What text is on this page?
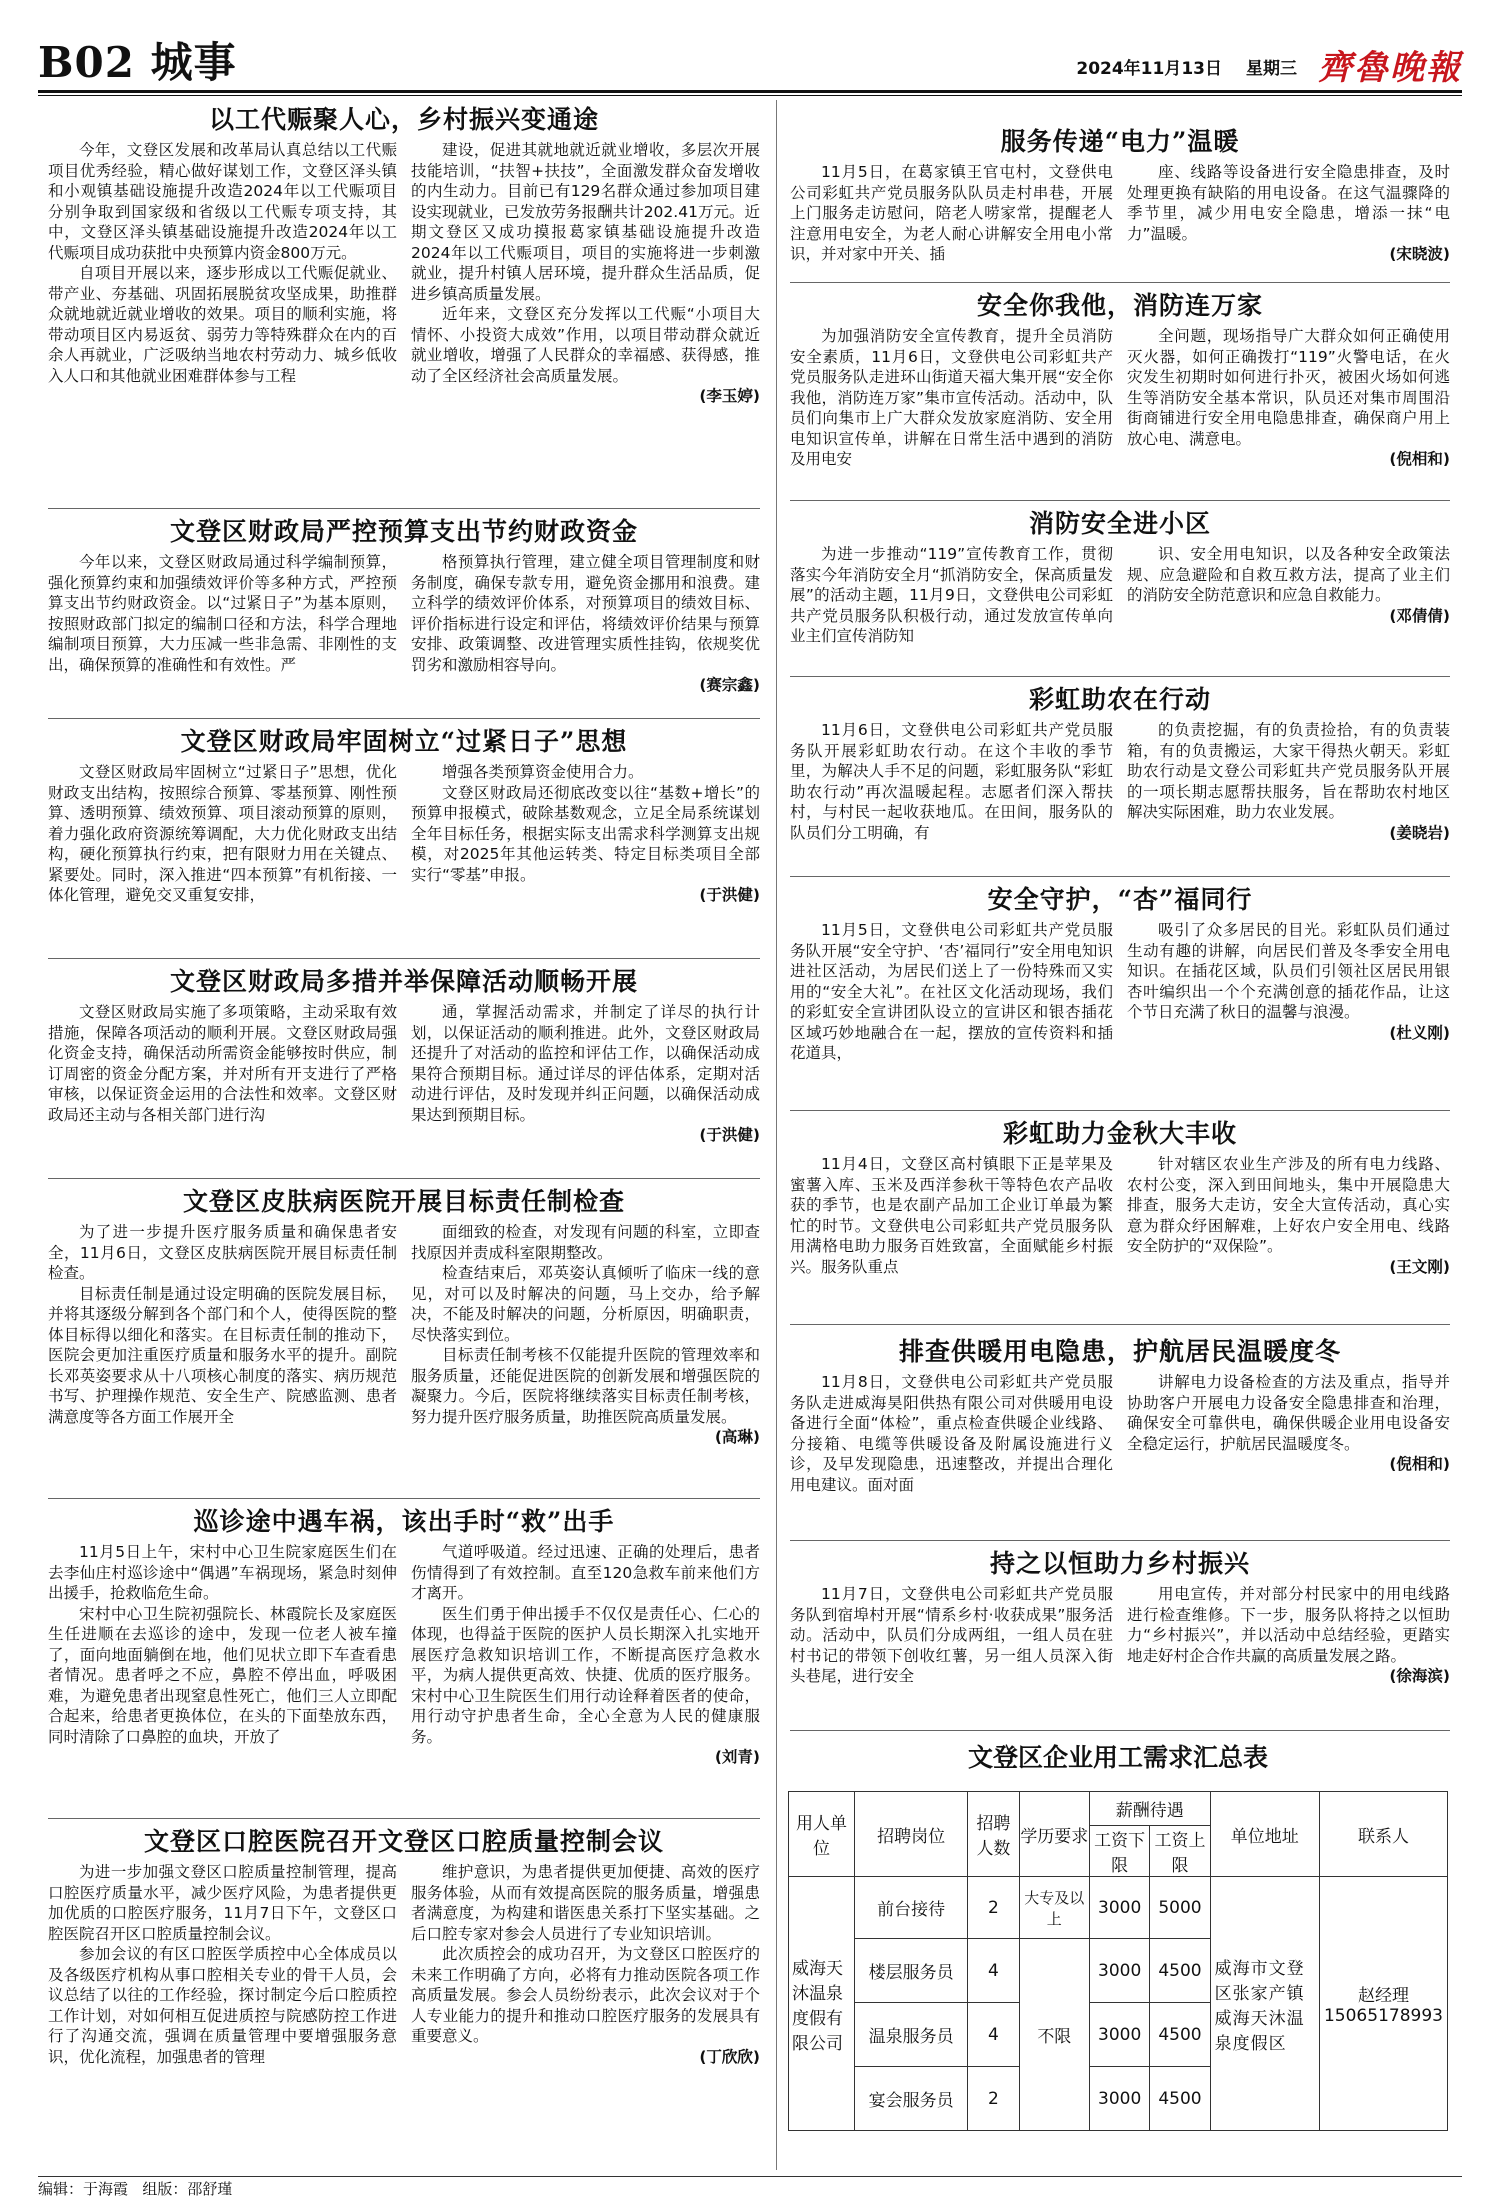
B02 城事	2024年11月13日 星期三 齊魯晚報
以工代赈聚人心，乡村振兴变通途

今年，文登区发展和改革局认真总结以工代赈项目优秀经验，精心做好谋划工作，文登区泽头镇和小观镇基础设施提升改造2024年以工代赈项目分别争取到国家级和省级以工代赈专项支持，其中，文登区泽头镇基础设施提升改造2024年以工代赈项目成功获批中央预算内资金800万元。

自项目开展以来，逐步形成以工代赈促就业、带产业、夯基础、巩固拓展脱贫攻坚成果，助推群众就地就近就业增收的效果。项目的顺利实施，将带动项目区内易返贫、弱劳力等特殊群众在内的百余人再就业，广泛吸纳当地农村劳动力、城乡低收入人口和其他就业困难群体参与工程

建设，促进其就地就近就业增收，多层次开展技能培训，“扶智+扶技”，全面激发群众奋发增收的内生动力。目前已有129名群众通过参加项目建设实现就业，已发放劳务报酬共计202.41万元。近期文登区又成功摸报葛家镇基础设施提升改造2024年以工代赈项目，项目的实施将进一步刺激就业，提升村镇人居环境，提升群众生活品质，促进乡镇高质量发展。

近年来，文登区充分发挥以工代赈“小项目大情怀、小投资大成效”作用，以项目带动群众就近就业增收，增强了人民群众的幸福感、获得感，推动了全区经济社会高质量发展。

(李玉婷)
文登区财政局严控预算支出节约财政资金

今年以来，文登区财政局通过科学编制预算，强化预算约束和加强绩效评价等多种方式，严控预算支出节约财政资金。以“过紧日子”为基本原则，按照财政部门拟定的编制口径和方法，科学合理地编制项目预算，大力压减一些非急需、非刚性的支出，确保预算的准确性和有效性。严

格预算执行管理，建立健全项目管理制度和财务制度，确保专款专用，避免资金挪用和浪费。建立科学的绩效评价体系，对预算项目的绩效目标、评价指标进行设定和评估，将绩效评价结果与预算安排、政策调整、改进管理实质性挂钩，依规奖优罚劣和激励相容导向。

(赛宗鑫)
文登区财政局牢固树立“过紧日子”思想

文登区财政局牢固树立“过紧日子”思想，优化财政支出结构，按照综合预算、零基预算、刚性预算、透明预算、绩效预算、项目滚动预算的原则，着力强化政府资源统筹调配，大力优化财政支出结构，硬化预算执行约束，把有限财力用在关键点、紧要处。同时，深入推进“四本预算”有机衔接、一体化管理，避免交叉重复安排，

增强各类预算资金使用合力。

文登区财政局还彻底改变以往“基数+增长”的预算申报模式，破除基数观念，立足全局系统谋划全年目标任务，根据实际支出需求科学测算支出规模，对2025年其他运转类、特定目标类项目全部实行“零基”申报。

(于洪健)
文登区财政局多措并举保障活动顺畅开展

文登区财政局实施了多项策略，主动采取有效措施，保障各项活动的顺利开展。文登区财政局强化资金支持，确保活动所需资金能够按时供应，制订周密的资金分配方案，并对所有开支进行了严格审核，以保证资金运用的合法性和效率。文登区财政局还主动与各相关部门进行沟

通，掌握活动需求，并制定了详尽的执行计划，以保证活动的顺利推进。此外，文登区财政局还提升了对活动的监控和评估工作，以确保活动成果符合预期目标。通过详尽的评估体系，定期对活动进行评估，及时发现并纠正问题，以确保活动成果达到预期目标。

(于洪健)
文登区皮肤病医院开展目标责任制检查

为了进一步提升医疗服务质量和确保患者安全，11月6日，文登区皮肤病医院开展目标责任制检查。

目标责任制是通过设定明确的医院发展目标，并将其逐级分解到各个部门和个人，使得医院的整体目标得以细化和落实。在目标责任制的推动下，医院会更加注重医疗质量和服务水平的提升。副院长邓英姿要求从十八项核心制度的落实、病历规范书写、护理操作规范、安全生产、院感监测、患者满意度等各方面工作展开全

面细致的检查，对发现有问题的科室，立即查找原因并责成科室限期整改。

检查结束后，邓英姿认真倾听了临床一线的意见，对可以及时解决的问题，马上交办，给予解决，不能及时解决的问题，分析原因，明确职责，尽快落实到位。

目标责任制考核不仅能提升医院的管理效率和服务质量，还能促进医院的创新发展和增强医院的凝聚力。今后，医院将继续落实目标责任制考核，努力提升医疗服务质量，助推医院高质量发展。

(高琳)
巡诊途中遇车祸，该出手时“救”出手

11月5日上午，宋村中心卫生院家庭医生们在去李仙庄村巡诊途中“偶遇”车祸现场，紧急时刻伸出援手，抢救临危生命。

宋村中心卫生院初强院长、林霞院长及家庭医生任进顺在去巡诊的途中，发现一位老人被车撞了，面向地面躺倒在地，他们见状立即下车查看患者情况。患者呼之不应，鼻腔不停出血，呼吸困难，为避免患者出现窒息性死亡，他们三人立即配合起来，给患者更换体位，在头的下面垫放东西，同时清除了口鼻腔的血块，开放了

气道呼吸道。经过迅速、正确的处理后，患者伤情得到了有效控制。直至120急救车前来他们方才离开。

医生们勇于伸出援手不仅仅是责任心、仁心的体现，也得益于医院的医护人员长期深入扎实地开展医疗急救知识培训工作，不断提高医疗急救水平，为病人提供更高效、快捷、优质的医疗服务。宋村中心卫生院医生们用行动诠释着医者的使命，用行动守护患者生命，全心全意为人民的健康服务。

(刘青)
文登区口腔医院召开文登区口腔质量控制会议

为进一步加强文登区口腔质量控制管理，提高口腔医疗质量水平，减少医疗风险，为患者提供更加优质的口腔医疗服务，11月7日下午，文登区口腔医院召开区口腔质量控制会议。

参加会议的有区口腔医学质控中心全体成员以及各级医疗机构从事口腔相关专业的骨干人员，会议总结了以往的工作经验，探讨制定今后口腔质控工作计划，对如何相互促进质控与院感防控工作进行了沟通交流，强调在质量管理中要增强服务意识，优化流程，加强患者的管理

维护意识，为患者提供更加便捷、高效的医疗服务体验，从而有效提高医院的服务质量，增强患者满意度，为构建和谐医患关系打下坚实基础。之后口腔专家对参会人员进行了专业知识培训。

此次质控会的成功召开，为文登区口腔医疗的未来工作明确了方向，必将有力推动医院各项工作高质量发展。参会人员纷纷表示，此次会议对于个人专业能力的提升和推动口腔医疗服务的发展具有重要意义。

(丁欣欣)
服务传递“电力”温暖

11月5日，在葛家镇王官屯村，文登供电公司彩虹共产党员服务队队员走村串巷，开展上门服务走访慰问，陪老人唠家常，提醒老人注意用电安全，为老人耐心讲解安全用电小常识，并对家中开关、插

座、线路等设备进行安全隐患排查，及时处理更换有缺陷的用电设备。在这气温骤降的季节里，减少用电安全隐患，增添一抹“电力”温暖。

(宋晓波)
安全你我他，消防连万家

为加强消防安全宣传教育，提升全员消防安全素质，11月6日，文登供电公司彩虹共产党员服务队走进环山街道天福大集开展“安全你我他，消防连万家”集市宣传活动。活动中，队员们向集市上广大群众发放家庭消防、安全用电知识宣传单，讲解在日常生活中遇到的消防及用电安

全问题，现场指导广大群众如何正确使用灭火器，如何正确拨打“119”火警电话，在火灾发生初期时如何进行扑灭，被困火场如何逃生等消防安全基本常识，队员还对集市周围沿街商铺进行安全用电隐患排查，确保商户用上放心电、满意电。

(倪相和)
消防安全进小区

为进一步推动“119”宣传教育工作，贯彻落实今年消防安全月“抓消防安全，保高质量发展”的活动主题，11月9日，文登供电公司彩虹共产党员服务队积极行动，通过发放宣传单向业主们宣传消防知

识、安全用电知识，以及各种安全政策法规、应急避险和自救互救方法，提高了业主们的消防安全防范意识和应急自救能力。

(邓倩倩)
彩虹助农在行动

11月6日，文登供电公司彩虹共产党员服务队开展彩虹助农行动。在这个丰收的季节里，为解决人手不足的问题，彩虹服务队“彩虹助农行动”再次温暖起程。志愿者们深入帮扶村，与村民一起收获地瓜。在田间，服务队的队员们分工明确，有

的负责挖掘，有的负责捡拾，有的负责装箱，有的负责搬运，大家干得热火朝天。彩虹助农行动是文登公司彩虹共产党员服务队开展的一项长期志愿帮扶服务，旨在帮助农村地区解决实际困难，助力农业发展。

(姜晓岩)
安全守护，“杏”福同行

11月5日，文登供电公司彩虹共产党员服务队开展“安全守护、‘杏’福同行”安全用电知识进社区活动，为居民们送上了一份特殊而又实用的“安全大礼”。在社区文化活动现场，我们的彩虹安全宣讲团队设立的宣讲区和银杏插花区域巧妙地融合在一起，摆放的宣传资料和插花道具，

吸引了众多居民的目光。彩虹队员们通过生动有趣的讲解，向居民们普及冬季安全用电知识。在插花区域，队员们引领社区居民用银杏叶编织出一个个充满创意的插花作品，让这个节日充满了秋日的温馨与浪漫。

(杜义刚)
彩虹助力金秋大丰收

11月4日，文登区高村镇眼下正是苹果及蜜薯入库、玉米及西洋参秋干等特色农产品收获的季节，也是农副产品加工企业订单最为繁忙的时节。文登供电公司彩虹共产党员服务队用满格电助力服务百姓致富，全面赋能乡村振兴。服务队重点

针对辖区农业生产涉及的所有电力线路、农村公变，深入到田间地头，集中开展隐患大排查，服务大走访，安全大宣传活动，真心实意为群众纾困解难，上好农户安全用电、线路安全防护的“双保险”。

(王文刚)
排查供暖用电隐患，护航居民温暖度冬

11月8日，文登供电公司彩虹共产党员服务队走进威海昊阳供热有限公司对供暖用电设备进行全面“体检”，重点检查供暖企业线路、分接箱、电缆等供暖设备及附属设施进行义诊，及早发现隐患，迅速整改，并提出合理化用电建议。面对面

讲解电力设备检查的方法及重点，指导并协助客户开展电力设备安全隐患排查和治理，确保安全可靠供电，确保供暖企业用电设备安全稳定运行，护航居民温暖度冬。

(倪相和)
持之以恒助力乡村振兴

11月7日，文登供电公司彩虹共产党员服务队到宿埠村开展“情系乡村·收获成果”服务活动。活动中，队员们分成两组，一组人员在驻村书记的带领下创收红薯，另一组人员深入街头巷尾，进行安全

用电宣传，并对部分村民家中的用电线路进行检查维修。下一步，服务队将持之以恒助力“乡村振兴”，并以活动中总结经验，更踏实地走好村企合作共赢的高质量发展之路。

(徐海滨)
文登区企业用工需求汇总表
用人单位	招聘岗位	招聘人数	学历要求	薪酬待遇		单位地址	联系人
				工资下限	工资上限		
威海天沐温泉度假有限公司	前台接待	2	大专及以上	3000	5000	威海市文登区张家产镇威海天沐温泉度假区	赵经理15065178993
	楼层服务员	4	不限	3000	4500		
	温泉服务员	4		3000	4500		
	宴会服务员	2		3000	4500		
编辑：于海霞 组版：邵舒瑾
